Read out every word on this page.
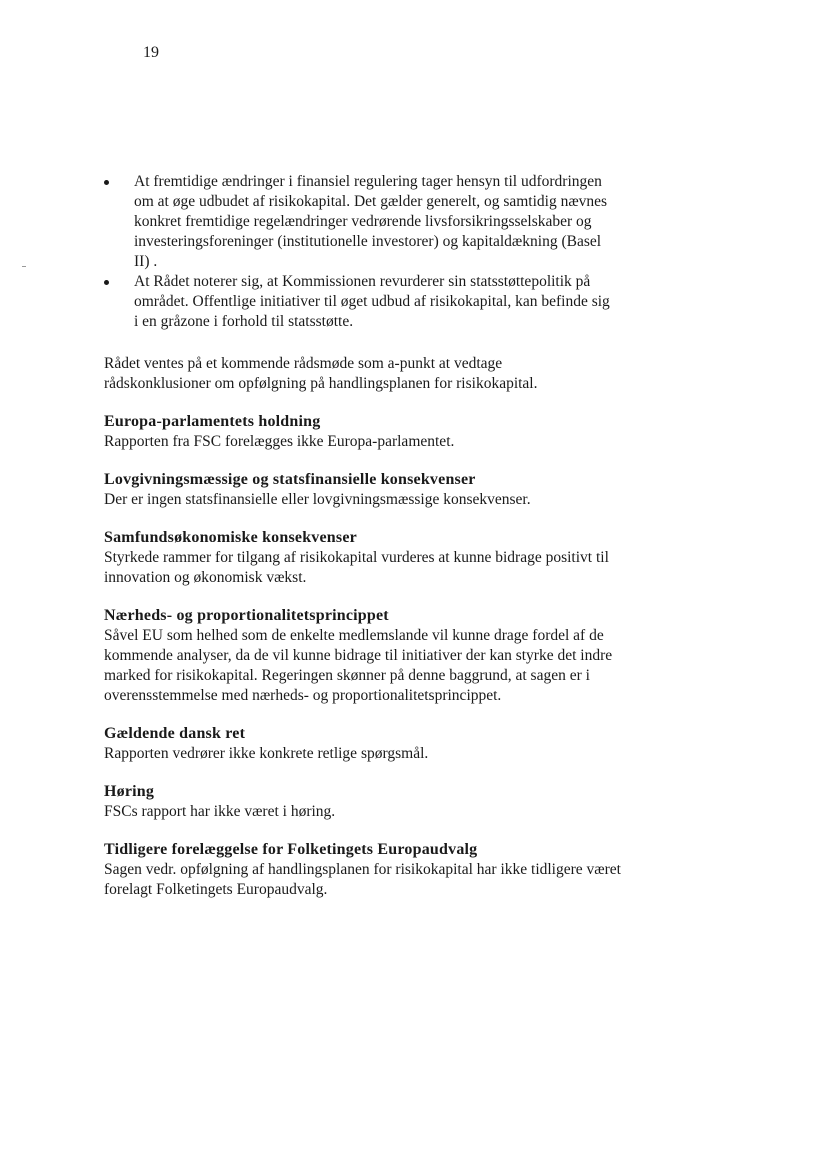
19
At fremtidige ændringer i finansiel regulering tager hensyn til udfordringen om at øge udbudet af risikokapital. Det gælder generelt, og samtidig nævnes konkret fremtidige regelændringer vedrørende livsforsikringsselskaber og investeringsforeninger (institutionelle investorer) og kapitaldækning (Basel II) .
At Rådet noterer sig, at Kommissionen revurderer sin statsstøttepolitik på området. Offentlige initiativer til øget udbud af risikokapital, kan befinde sig i en gråzone i forhold til statsstøtte.

Rådet ventes på et kommende rådsmøde som a-punkt at vedtage rådskonklusioner om opfølgning på handlingsplanen for risikokapital.

Europa-parlamentets holdning

Rapporten fra FSC forelægges ikke Europa-parlamentet.

Lovgivningsmæssige og statsfinansielle konsekvenser

Der er ingen statsfinansielle eller lovgivningsmæssige konsekvenser.

Samfundsøkonomiske konsekvenser

Styrkede rammer for tilgang af risikokapital vurderes at kunne bidrage positivt til innovation og økonomisk vækst.

Nærheds- og proportionalitetsprincippet

Såvel EU som helhed som de enkelte medlemslande vil kunne drage fordel af de kommende analyser, da de vil kunne bidrage til initiativer der kan styrke det indre marked for risikokapital. Regeringen skønner på denne baggrund, at sagen er i overensstemmelse med nærheds- og proportionalitetsprincippet.

Gældende dansk ret

Rapporten vedrører ikke konkrete retlige spørgsmål.

Høring

FSCs rapport har ikke været i høring.

Tidligere forelæggelse for Folketingets Europaudvalg

Sagen vedr. opfølgning af handlingsplanen for risikokapital har ikke tidligere været forelagt Folketingets Europaudvalg.
